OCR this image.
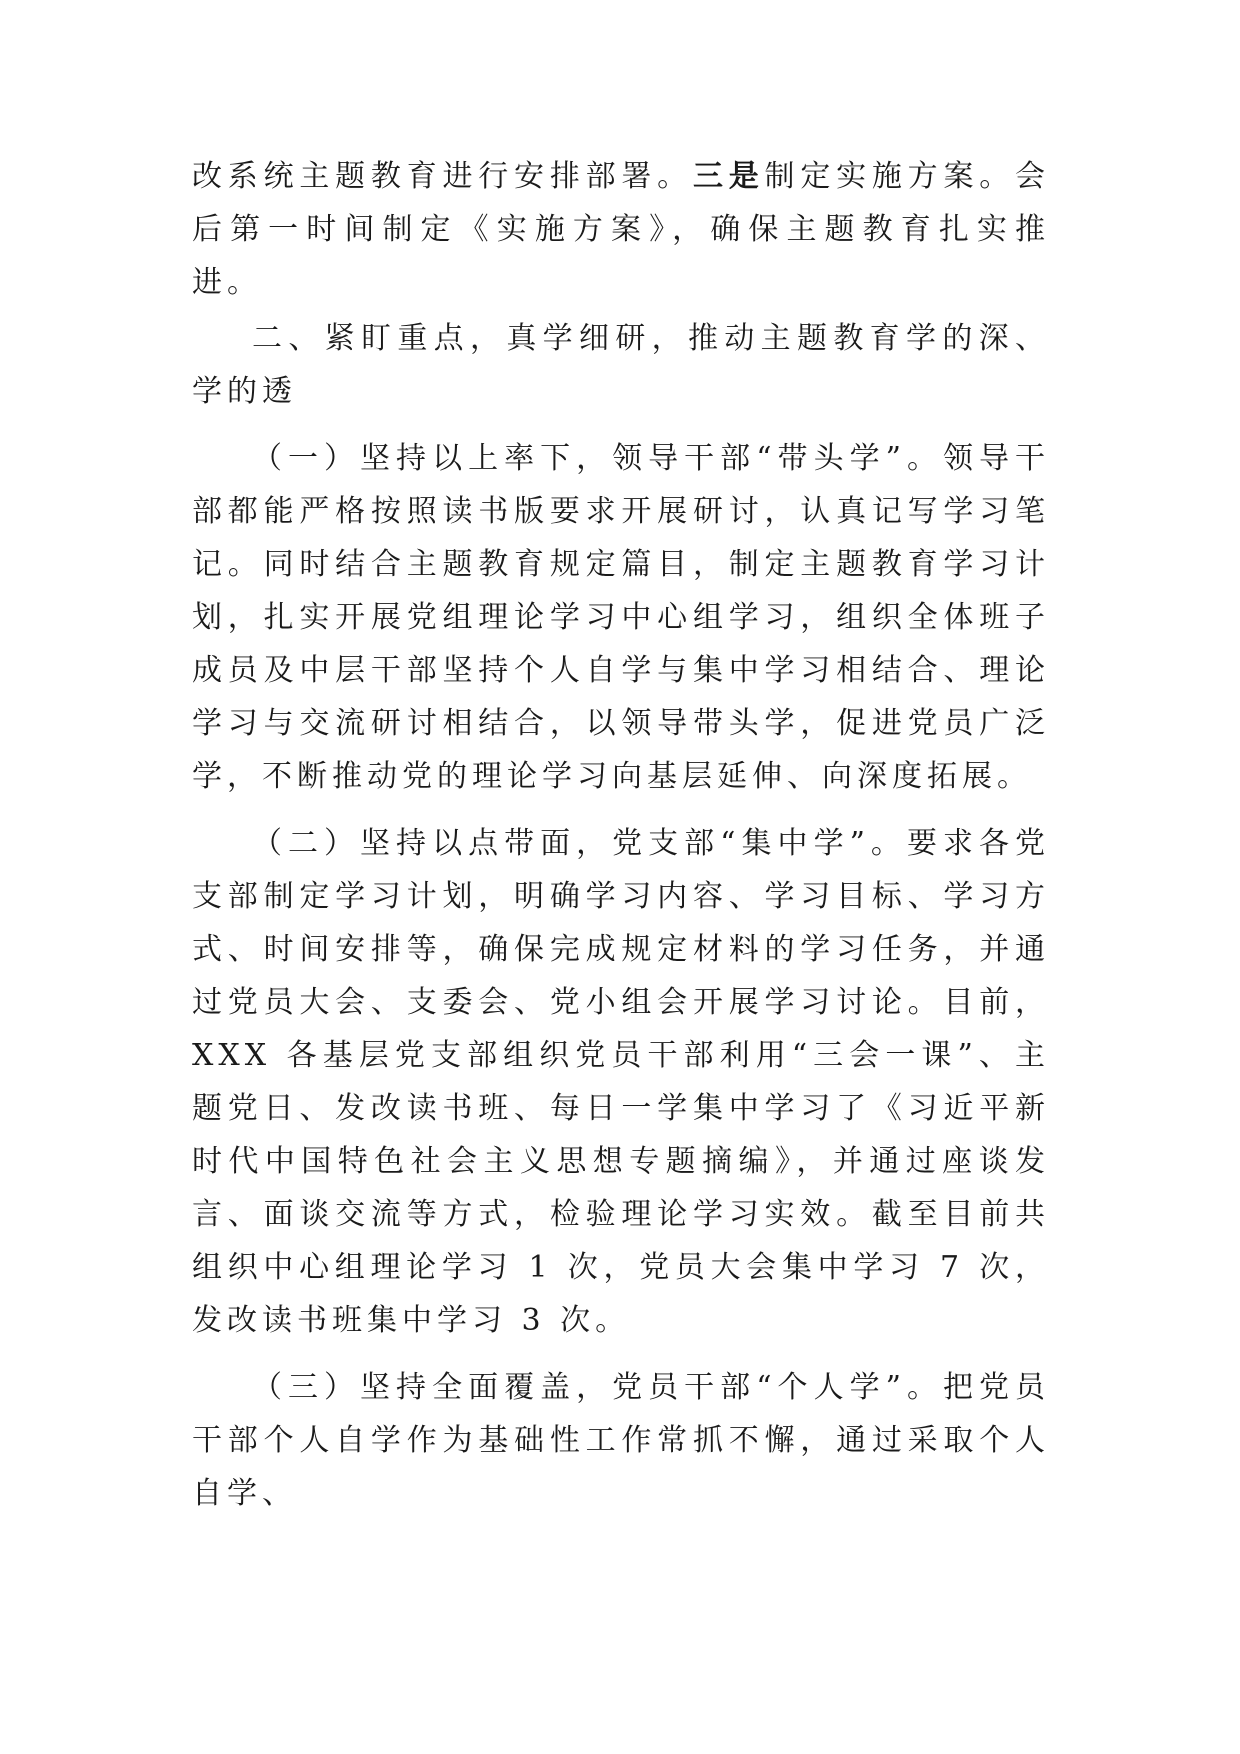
改系统主题教育进行安排部署。三是制定实施方案。会后第一时间制定《实施方案》，确保主题教育扎实推进。

二、紧盯重点，真学细研，推动主题教育学的深、学的透

（一）坚持以上率下，领导干部“带头学”。领导干部都能严格按照读书版要求开展研讨，认真记写学习笔记。同时结合主题教育规定篇目，制定主题教育学习计划，扎实开展党组理论学习中心组学习，组织全体班子成员及中层干部坚持个人自学与集中学习相结合、理论学习与交流研讨相结合，以领导带头学，促进党员广泛学，不断推动党的理论学习向基层延伸、向深度拓展。

（二）坚持以点带面，党支部“集中学”。要求各党支部制定学习计划，明确学习内容、学习目标、学习方式、时间安排等，确保完成规定材料的学习任务，并通过党员大会、支委会、党小组会开展学习讨论。目前， XXX 各基层党支部组织党员干部利用“三会一课”、主题党日、发改读书班、每日一学集中学习了《习近平新时代中国特色社会主义思想专题摘编》，并通过座谈发言、面谈交流等方式，检验理论学习实效。截至目前共组织中心组理论学习 1 次，党员大会集中学习 7 次，发改读书班集中学习 3 次。

（三）坚持全面覆盖，党员干部“个人学”。把党员干部个人自学作为基础性工作常抓不懈，通过采取个人自学、
